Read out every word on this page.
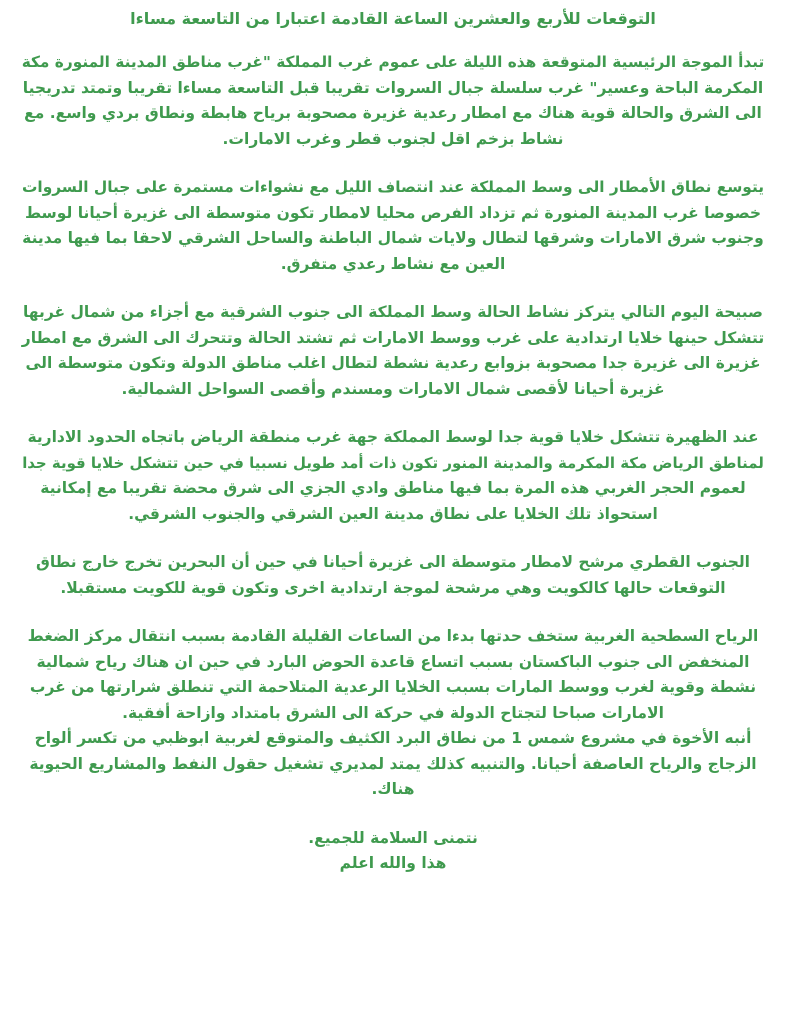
التوقعات للأربع والعشرين الساعة القادمة اعتبارا من التاسعة مساءا
تبدأ الموجة الرئيسية المتوقعة هذه الليلة على عموم غرب المملكة "غرب مناطق المدينة المنورة مكة
المكرمة الباحة وعسير" غرب سلسلة جبال السروات تقريبا قبل التاسعة مساءا تقريبا وتمتد تدريجيا
الى الشرق والحالة قوية هناك مع امطار رعدية غزيرة مصحوبة برياح هابطة ونطاق بردي واسع. مع
نشاط بزخم اقل لجنوب قطر وغرب الامارات.
يتوسع نطاق الأمطار الى وسط المملكة عند انتصاف الليل مع نشواءات مستمرة على جبال السروات
خصوصا غرب المدينة المنورة ثم تزداد الفرص محليا لامطار تكون متوسطة الى غزيرة أحيانا لوسط
وجنوب شرق الامارات وشرقها لتطال ولايات شمال الباطنة والساحل الشرقي لاحقا بما فيها مدينة
العين مع نشاط رعدي متفرق.
صبيحة اليوم التالي يتركز نشاط الحالة وسط المملكة الى جنوب الشرقية مع أجزاء من شمال غربها
تتشكل حينها خلايا ارتدادية على غرب ووسط الامارات ثم تشتد الحالة وتتحرك الى الشرق مع امطار
غزيرة الى غزيرة جدا مصحوبة بزوابع رعدية نشطة لتطال اغلب مناطق الدولة وتكون متوسطة الى
غزيرة أحيانا لأقصى شمال الامارات ومسندم وأقصى السواحل الشمالية.
عند الظهيرة تتشكل خلايا قوية جدا لوسط المملكة جهة غرب منطقة الرياض باتجاه الحدود الادارية
لمناطق الرياض مكة المكرمة والمدينة المنور تكون ذات أمد طويل نسبيا في حين تتشكل خلايا قوية جدا
لعموم الحجر الغربي هذه المرة بما فيها مناطق وادي الجزي الى شرق محضة تقريبا مع إمكانية
استحواذ تلك الخلايا على نطاق مدينة العين الشرقي والجنوب الشرقي.
الجنوب القطري مرشح لامطار متوسطة الى غزيرة أحيانا في حين أن البحرين تخرج خارج نطاق
التوقعات حالها كالكويت وهي مرشحة لموجة ارتدادية اخرى وتكون قوية للكويت مستقبلا.
الرياح السطحية الغربية ستخف حدتها بدءا من الساعات القليلة القادمة بسبب انتقال مركز الضغط
المنخفض الى جنوب الباكستان بسبب اتساع قاعدة الحوض البارد في حين ان هناك رياح شمالية
نشطة وقوية لغرب ووسط المارات بسبب الخلايا الرعدية المتلاحمة التي تنطلق شرارتها من غرب
الامارات صباحا لتجتاح الدولة في حركة الى الشرق بامتداد وازاحة أفقية.
أنبه الأخوة في مشروع شمس 1 من نطاق البرد الكثيف والمتوقع لغربية ابوظبي من تكسر ألواح
الزجاج والرياح العاصفة أحيانا. والتنبيه كذلك يمتد لمديري تشغيل حقول النفط والمشاريع الحيوية
هناك.
نتمنى السلامة للجميع.
هذا والله اعلم
